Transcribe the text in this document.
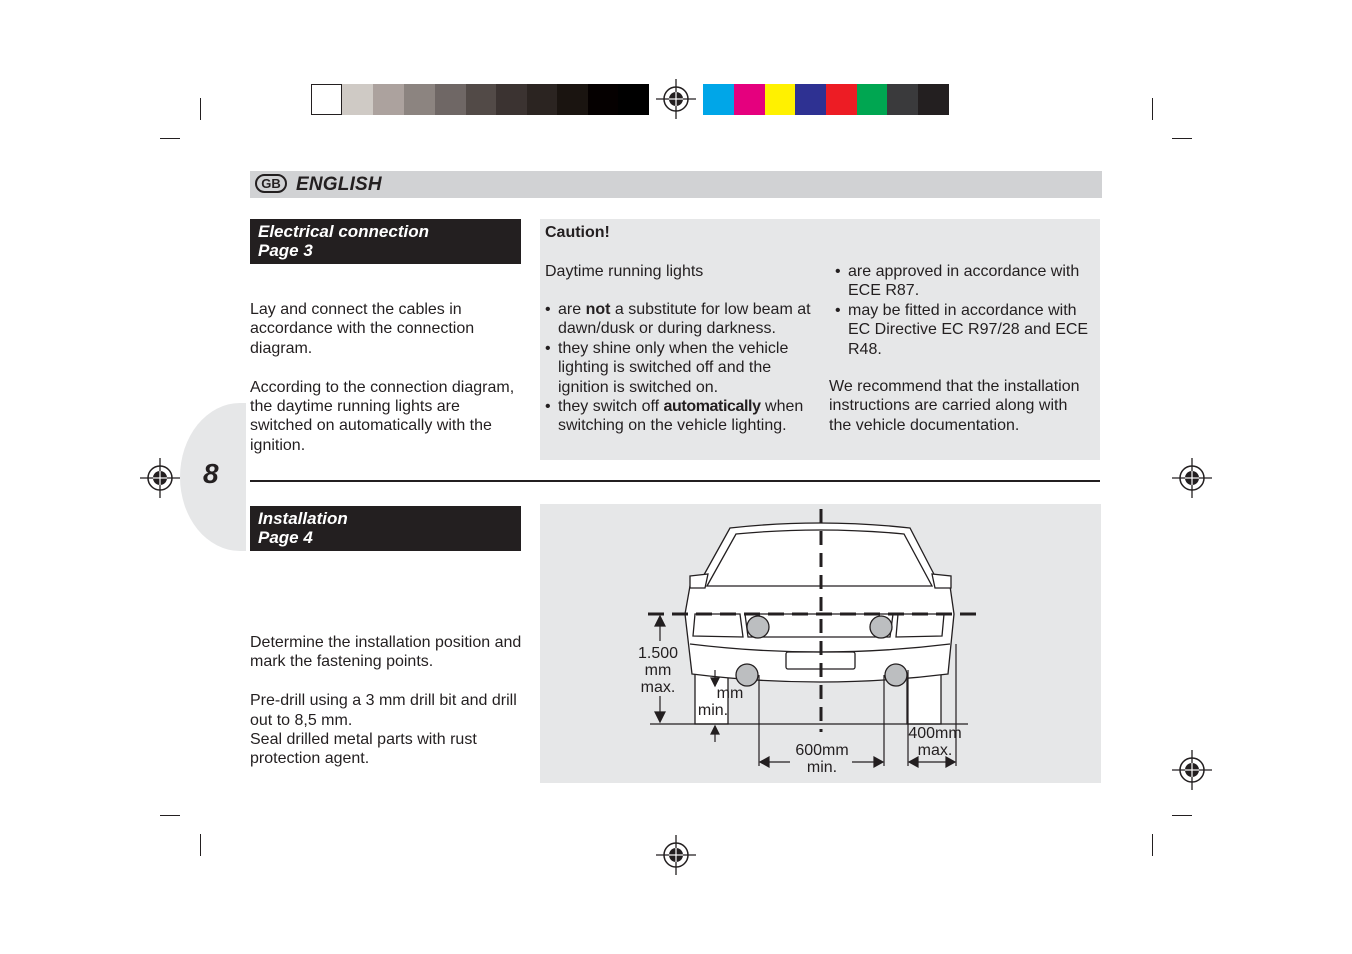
GB ENGLISH
8
Electrical connection
Page 3

Lay and connect the cables in accordance with the connection diagram.

According to the connection diagram, the daytime running lights are switched on automatically with the ignition.

Caution!
Daytime running lights
• are not a substitute for low beam at dawn/dusk or during darkness.
• they shine only when the vehicle lighting is switched off and the ignition is switched on.
• they switch off automatically when switching on the vehicle lighting.
• are approved in accordance with ECE R87.
• may be fitted in accordance with EC Directive EC R97/28 and ECE R48.
We recommend that the installation instructions are carried along with the vehicle documentation.
Installation
Page 4

Determine the installation position and mark the fastening points.

Pre-drill using a 3 mm drill bit and drill out to 8,5 mm.
Seal drilled metal parts with rust protection agent.
1.500
mm
max.	mm
min.
600mm
min.
400mm
max.
